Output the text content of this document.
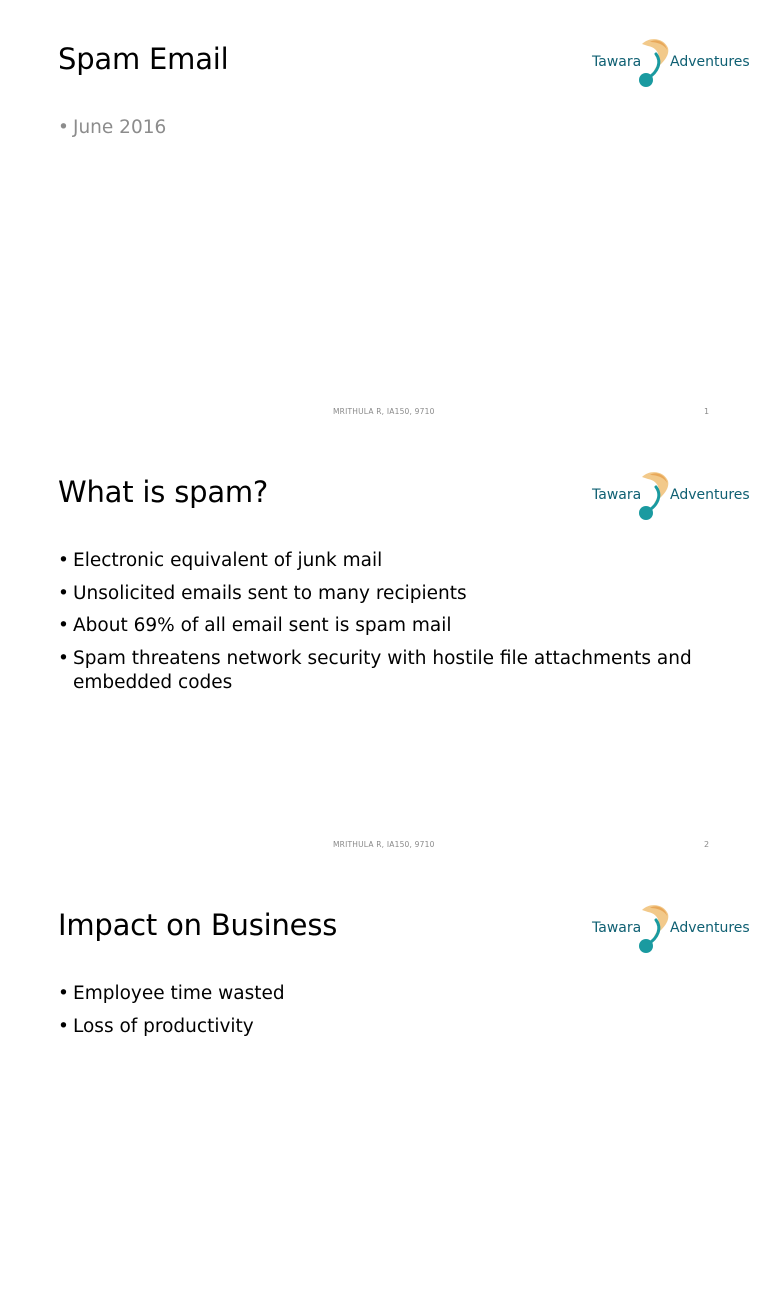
Spam Email	Tawara Adventures
• June 2016
MRITHULA R, IA150, 9710	1
What is spam?	Tawara Adventures
• Electronic equivalent of junk mail
• Unsolicited emails sent to many recipients
• About 69% of all email sent is spam mail
• Spam threatens network security with hostile file attachments and embedded codes
MRITHULA R, IA150, 9710	2
Impact on Business	Tawara Adventures
• Employee time wasted
• Loss of productivity
